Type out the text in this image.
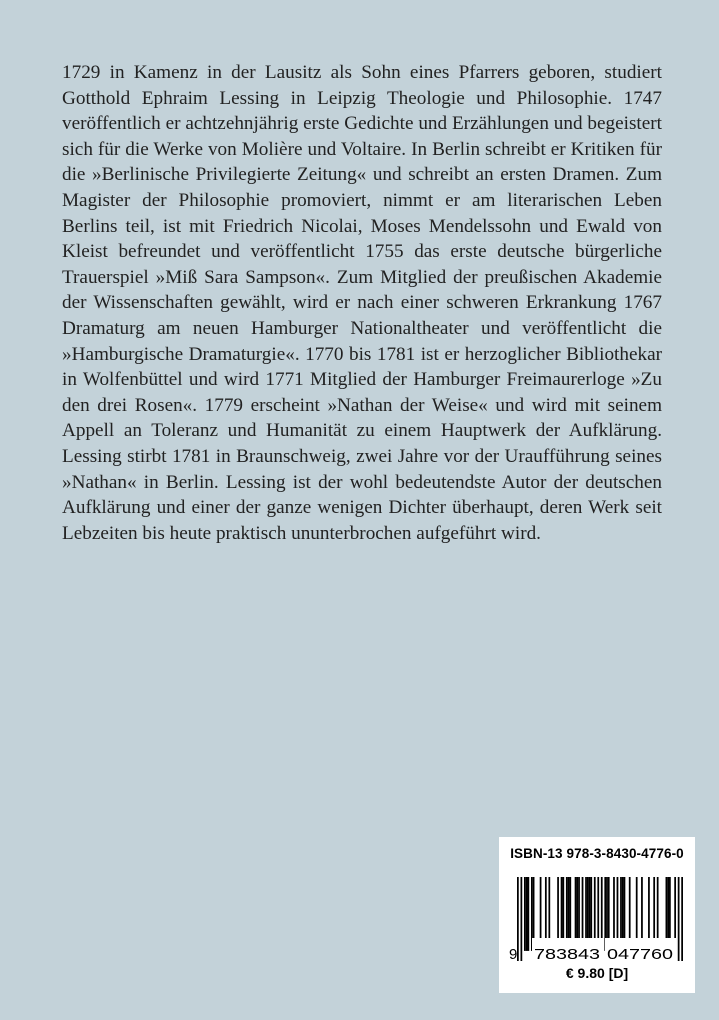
1729 in Kamenz in der Lausitz als Sohn eines Pfarrers geboren, studiert Gotthold Ephraim Lessing in Leipzig Theologie und Philosophie. 1747 veröffentlich er achtzehnjährig erste Gedichte und Erzählungen und begeistert sich für die Werke von Molière und Voltaire. In Berlin schreibt er Kritiken für die »Berlinische Privilegierte Zeitung« und schreibt an ersten Dramen. Zum Magister der Philosophie promoviert, nimmt er am literarischen Leben Berlins teil, ist mit Friedrich Nicolai, Moses Mendelssohn und Ewald von Kleist befreundet und veröffentlicht 1755 das erste deutsche bürgerliche Trauerspiel »Miß Sara Sampson«. Zum Mitglied der preußischen Akademie der Wissenschaften gewählt, wird er nach einer schweren Erkrankung 1767 Dramaturg am neuen Hamburger Nationaltheater und veröffentlicht die »Hamburgische Dramaturgie«. 1770 bis 1781 ist er herzoglicher Bibliothekar in Wolfenbüttel und wird 1771 Mitglied der Hamburger Freimaurerloge »Zu den drei Rosen«. 1779 erscheint »Nathan der Weise« und wird mit seinem Appell an Toleranz und Humanität zu einem Hauptwerk der Aufklärung. Lessing stirbt 1781 in Braunschweig, zwei Jahre vor der Uraufführung seines »Nathan« in Berlin. Lessing ist der wohl bedeutendste Autor der deutschen Aufklärung und einer der ganze wenigen Dichter überhaupt, deren Werk seit Lebzeiten bis heute praktisch ununterbrochen aufgeführt wird.

ISBN-13 978-3-8430-4776-0
9 783843 047760
€ 9.80 [D]
